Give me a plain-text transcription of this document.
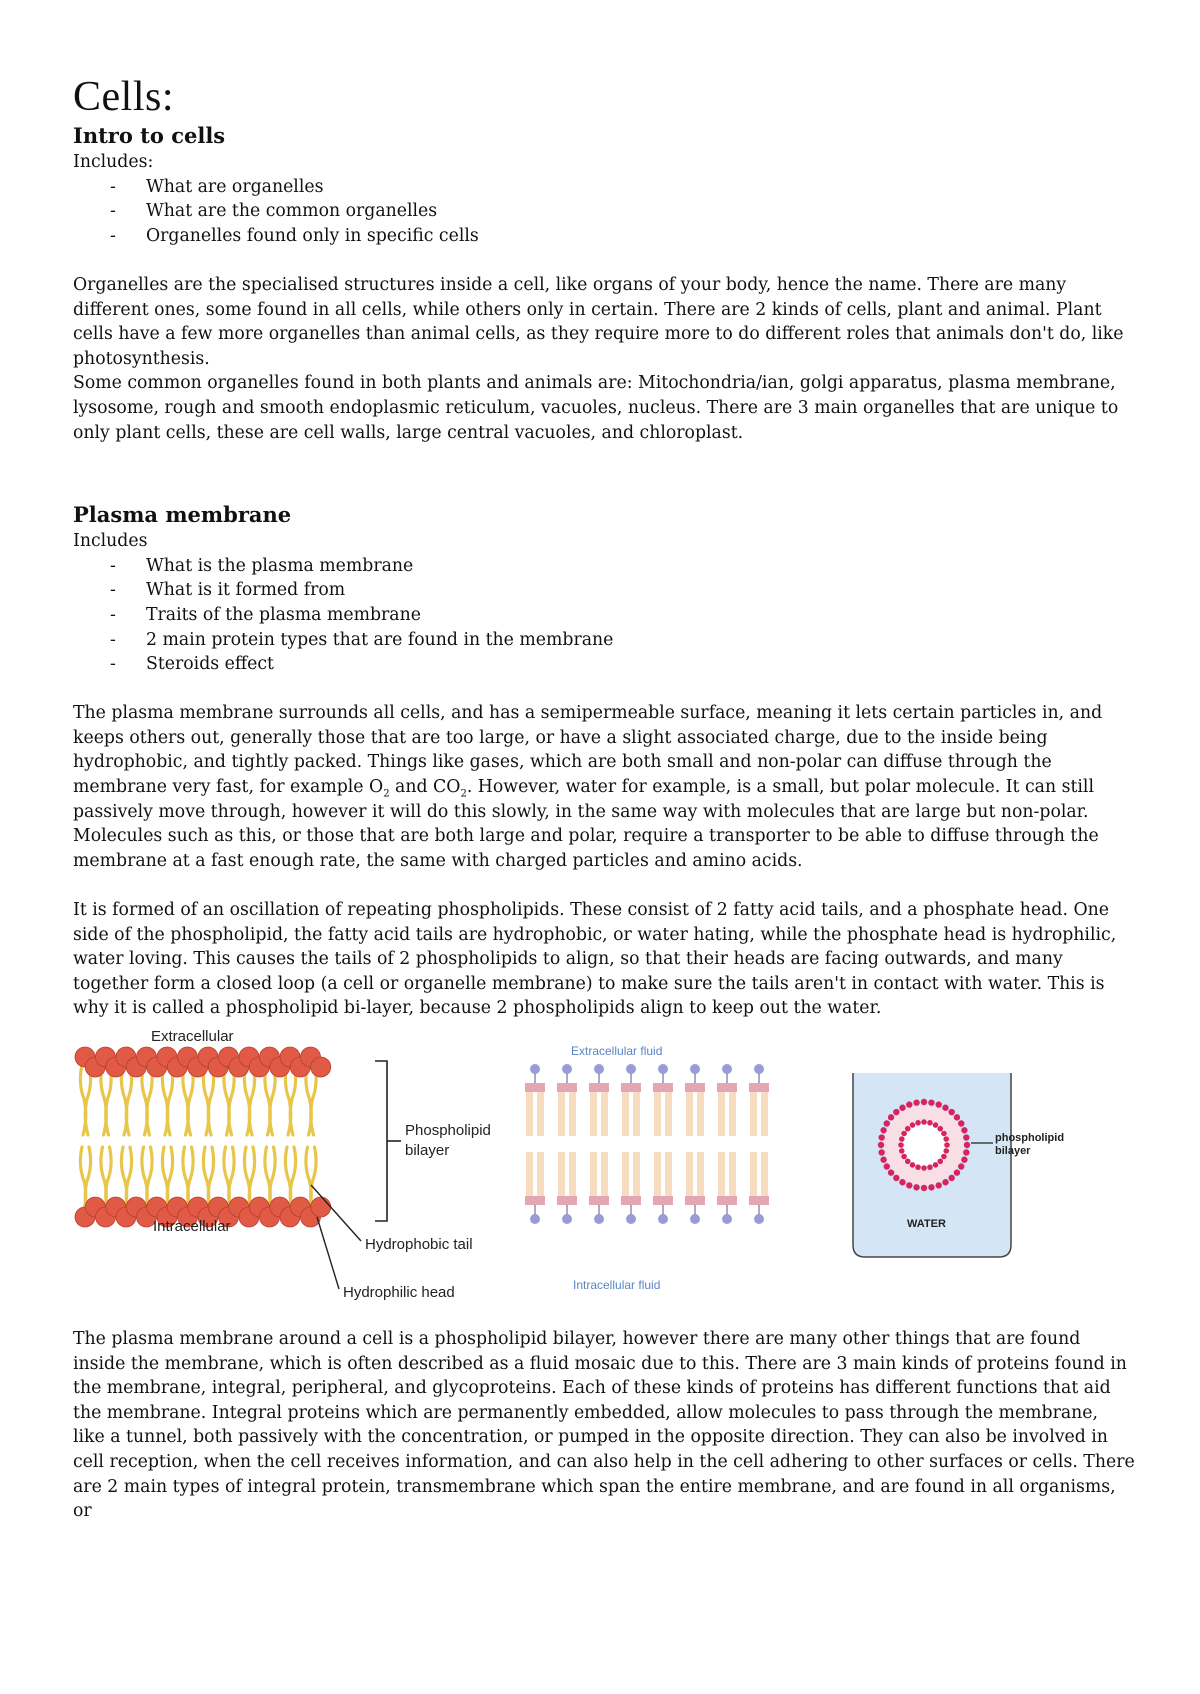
Cells:
Intro to cells

Includes:

- What are organelles
- What are the common organelles
- Organelles found only in specific cells

Organelles are the specialised structures inside a cell, like organs of your body, hence the name. There are many different ones, some found in all cells, while others only in certain. There are 2 kinds of cells, plant and animal. Plant cells have a few more organelles than animal cells, as they require more to do different roles that animals don't do, like photosynthesis.

Some common organelles found in both plants and animals are: Mitochondria/ian, golgi apparatus, plasma membrane, lysosome, rough and smooth endoplasmic reticulum, vacuoles, nucleus. There are 3 main organelles that are unique to only plant cells, these are cell walls, large central vacuoles, and chloroplast.

Plasma membrane

Includes

- What is the plasma membrane
- What is it formed from
- Traits of the plasma membrane
- 2 main protein types that are found in the membrane
- Steroids effect

The plasma membrane surrounds all cells, and has a semipermeable surface, meaning it lets certain particles in, and keeps others out, generally those that are too large, or have a slight associated charge, due to the inside being hydrophobic, and tightly packed. Things like gases, which are both small and non-polar can diffuse through the membrane very fast, for example $O_2$ and $CO_2$. However, water for example, is a small, but polar molecule. It can still passively move through, however it will do this slowly, in the same way with molecules that are large but non-polar. Molecules such as this, or those that are both large and polar, require a transporter to be able to diffuse through the membrane at a fast enough rate, the same with charged particles and amino acids.

It is formed of an oscillation of repeating phospholipids. These consist of 2 fatty acid tails, and a phosphate head. One side of the phospholipid, the fatty acid tails are hydrophobic, or water hating, while the phosphate head is hydrophilic, water loving. This causes the tails of 2 phospholipids to align, so that their heads are facing outwards, and many together form a closed loop (a cell or organelle membrane) to make sure the tails aren't in contact with water. This is why it is called a phospholipid bi-layer, because 2 phospholipids align to keep out the water.

Extracellular
Intracellular
Phospholipid
bilayer
Hydrophobic tail
Hydrophilic head
Extracellular fluid
Intracellular fluid
phospholipid
bilayer
WATER

The plasma membrane around a cell is a phospholipid bilayer, however there are many other things that are found inside the membrane, which is often described as a fluid mosaic due to this. There are 3 main kinds of proteins found in the membrane, integral, peripheral, and glycoproteins. Each of these kinds of proteins has different functions that aid the membrane. Integral proteins which are permanently embedded, allow molecules to pass through the membrane, like a tunnel, both passively with the concentration, or pumped in the opposite direction. They can also be involved in cell reception, when the cell receives information, and can also help in the cell adhering to other surfaces or cells. There are 2 main types of integral protein, transmembrane which span the entire membrane, and are found in all organisms, or
